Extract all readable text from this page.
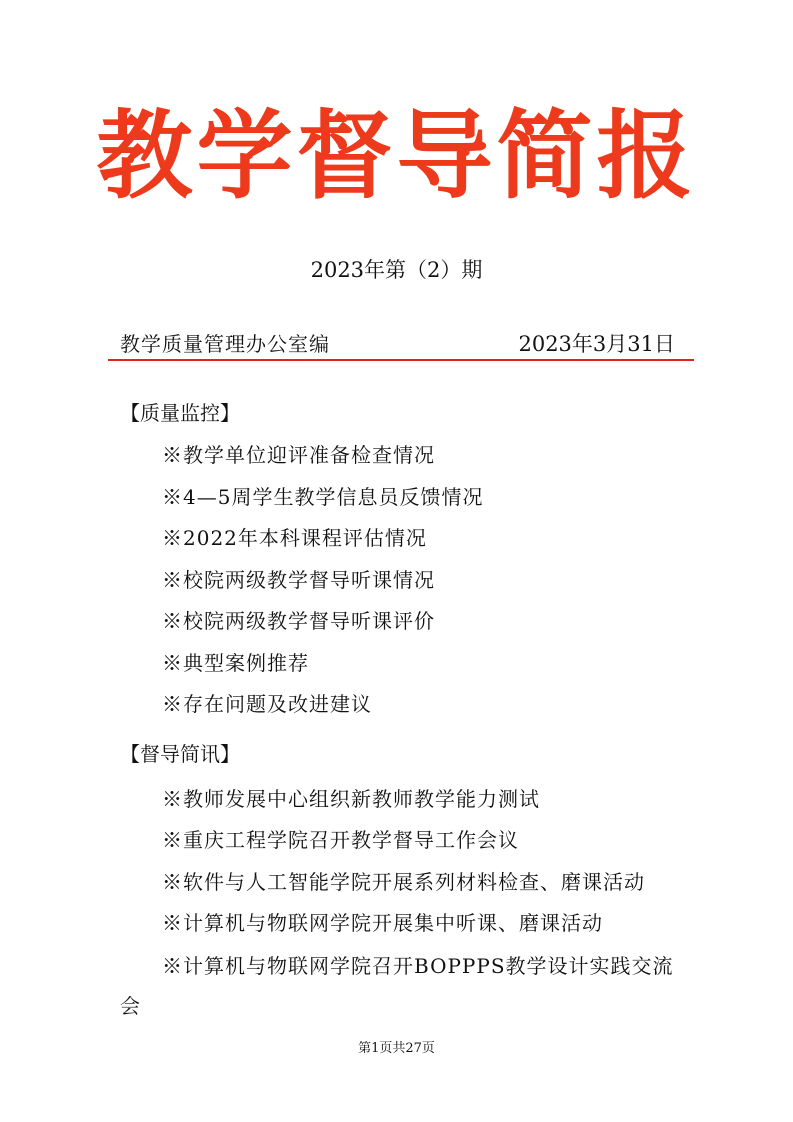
教学督导简报
2023年第（2）期
教学质量管理办公室编	2023年3月31日
【质量监控】
※教学单位迎评准备检查情况
※4—5周学生教学信息员反馈情况
※2022年本科课程评估情况
※校院两级教学督导听课情况
※校院两级教学督导听课评价
※典型案例推荐
※存在问题及改进建议
【督导简讯】
※教师发展中心组织新教师教学能力测试
※重庆工程学院召开教学督导工作会议
※软件与人工智能学院开展系列材料检查、磨课活动
※计算机与物联网学院开展集中听课、磨课活动
※计算机与物联网学院召开BOPPPS教学设计实践交流
会
第1页共27页
